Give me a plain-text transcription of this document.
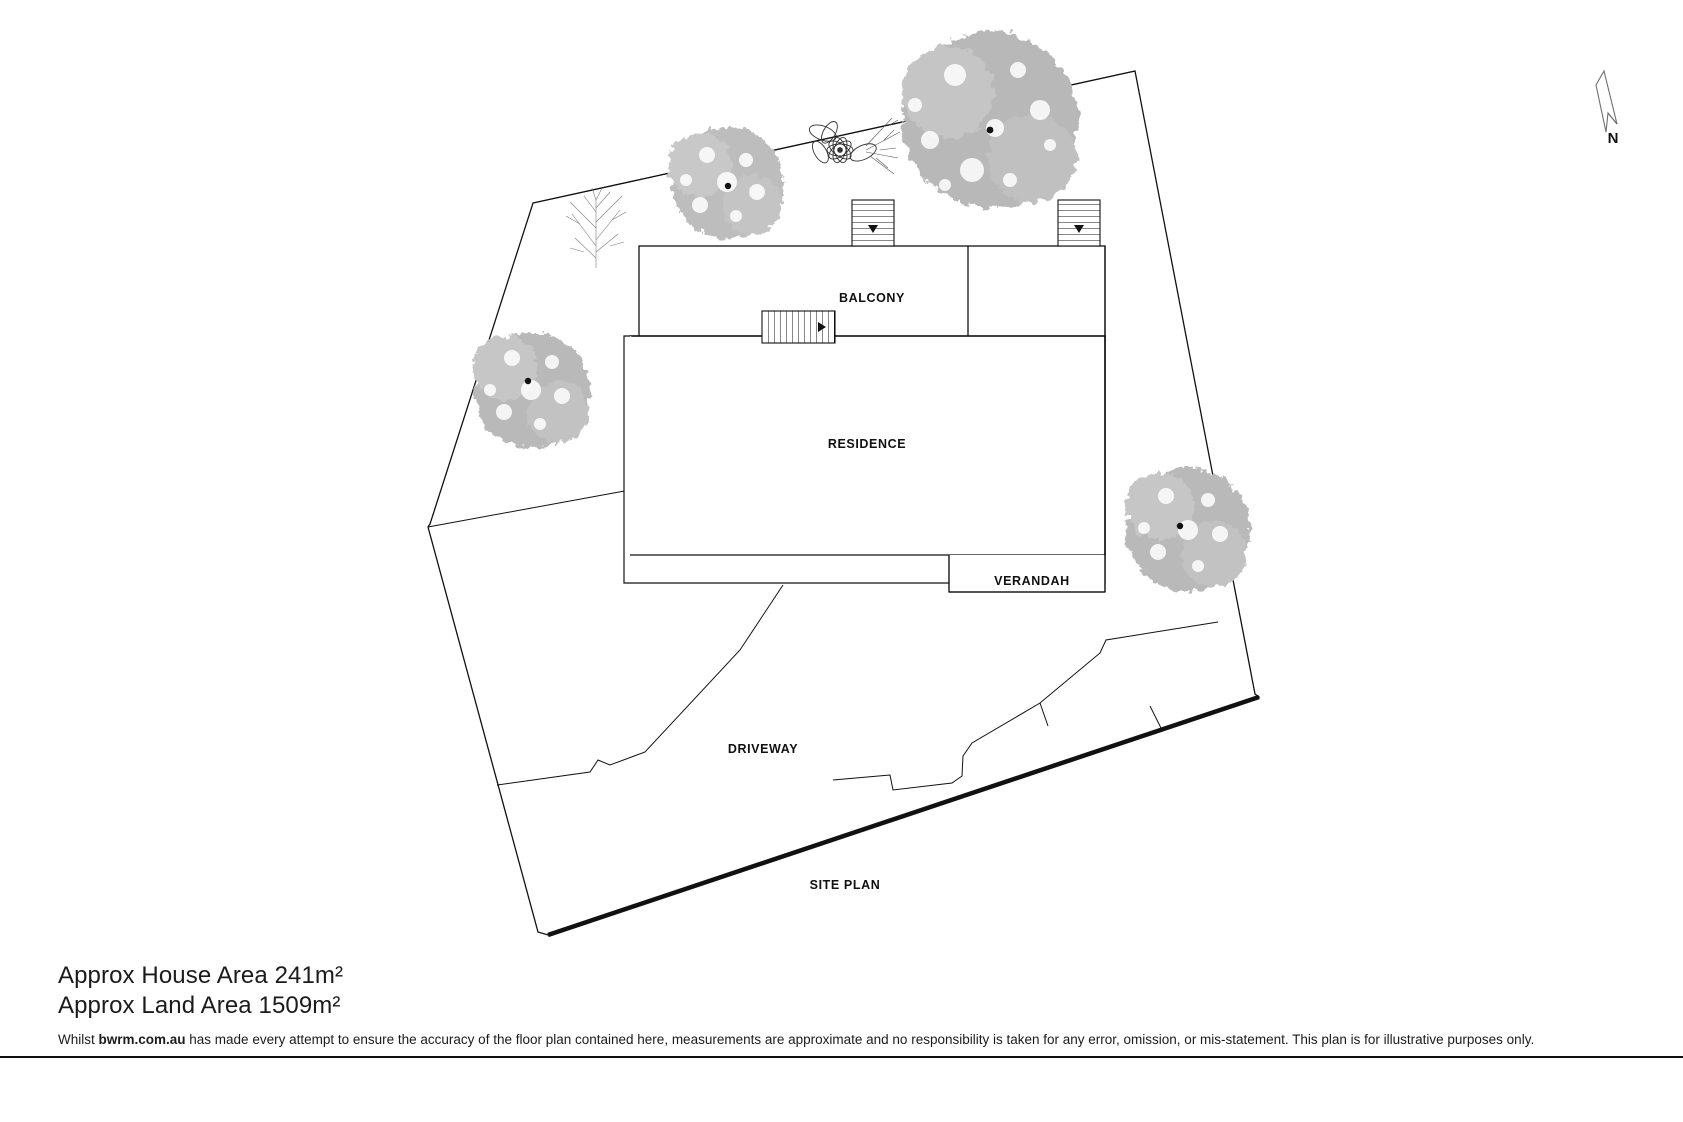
BALCONY
RESIDENCE
VERANDAH
DRIVEWAY
SITE PLAN
N
Approx House Area 241m²
Approx Land Area 1509m²
Whilst bwrm.com.au has made every attempt to ensure the accuracy of the floor plan contained here, measurements are approximate and no responsibility is taken for any error, omission, or mis-statement. This plan is for illustrative purposes only.
